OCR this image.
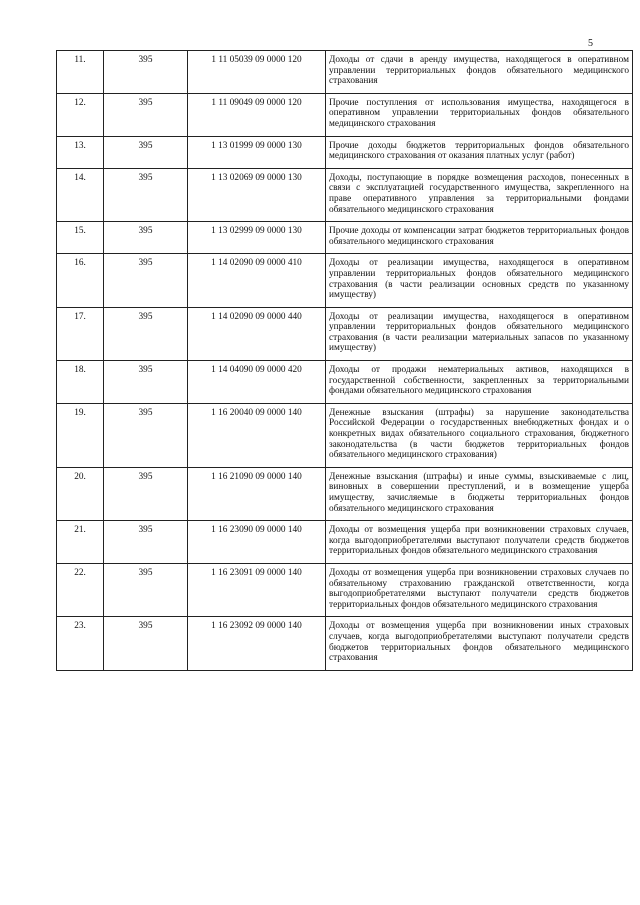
5
11.	395	1 11 05039 09 0000 120	Доходы от сдачи в аренду имущества, находящегося в оперативном управлении территориальных фондов обязательного медицинского страхования
12.	395	1 11 09049 09 0000 120	Прочие поступления от использования имущества, находящегося в оперативном управлении территориальных фондов обязательного медицинского страхования
13.	395	1 13 01999 09 0000 130	Прочие доходы бюджетов территориальных фондов обязательного медицинского страхования от оказания платных услуг (работ)
14.	395	1 13 02069 09 0000 130	Доходы, поступающие в порядке возмещения расходов, понесенных в связи с эксплуатацией государственного имущества, закрепленного на праве оперативного управления за территориальными фондами обязательного медицинского страхования
15.	395	1 13 02999 09 0000 130	Прочие доходы от компенсации затрат бюджетов территориальных фондов обязательного медицинского страхования
16.	395	1 14 02090 09 0000 410	Доходы от реализации имущества, находящегося в оперативном управлении территориальных фондов обязательного медицинского страхования (в части реализации основных средств по указанному имуществу)
17.	395	1 14 02090 09 0000 440	Доходы от реализации имущества, находящегося в оперативном управлении территориальных фондов обязательного медицинского страхования (в части реализации материальных запасов по указанному имуществу)
18.	395	1 14 04090 09 0000 420	Доходы от продажи нематериальных активов, находящихся в государственной собственности, закрепленных за территориальными фондами обязательного медицинского страхования
19.	395	1 16 20040 09 0000 140	Денежные взыскания (штрафы) за нарушение законодательства Российской Федерации о государственных внебюджетных фондах и о конкретных видах обязательного социального страхования, бюджетного законодательства (в части бюджетов территориальных фондов обязательного медицинского страхования)
20.	395	1 16 21090 09 0000 140	Денежные взыскания (штрафы) и иные суммы, взыскиваемые с лиц, виновных в совершении преступлений, и в возмещение ущерба имуществу, зачисляемые в бюджеты территориальных фондов обязательного медицинского страхования
21.	395	1 16 23090 09 0000 140	Доходы от возмещения ущерба при возникновении страховых случаев, когда выгодоприобретателями выступают получатели средств бюджетов территориальных фондов обязательного медицинского страхования
22.	395	1 16 23091 09 0000 140	Доходы от возмещения ущерба при возникновении страховых случаев по обязательному страхованию гражданской ответственности, когда выгодоприобретателями выступают получатели средств бюджетов территориальных фондов обязательного медицинского страхования
23.	395	1 16 23092 09 0000 140	Доходы от возмещения ущерба при возникновении иных страховых случаев, когда выгодоприобретателями выступают получатели средств бюджетов территориальных фондов обязательного медицинского страхования
